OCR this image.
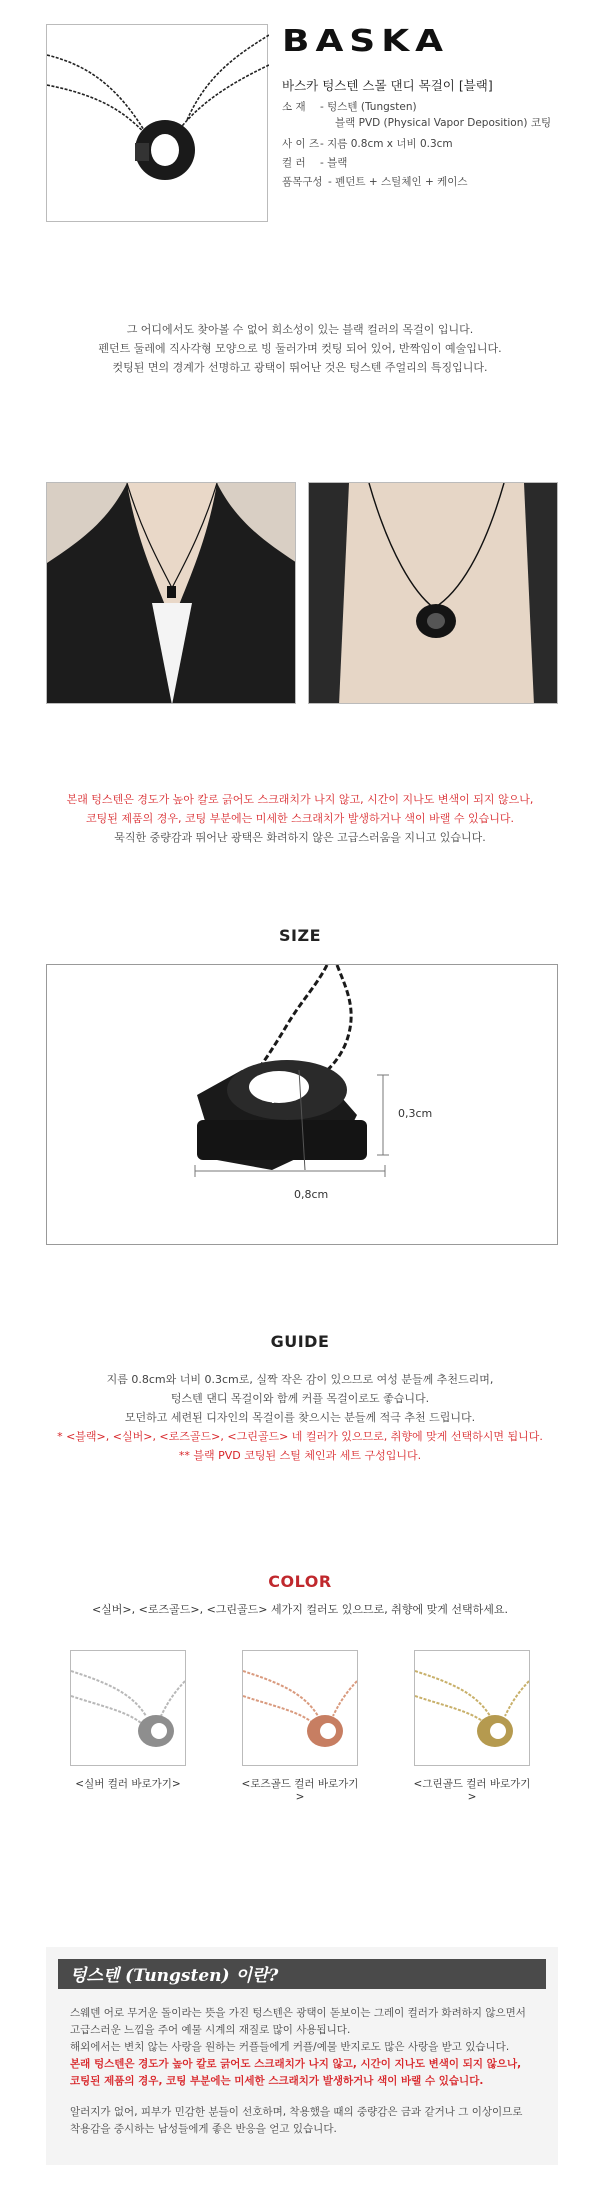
BASKA
바스카 텅스텐 스몰 댄디 목걸이 [블랙]
소 재 - 텅스텐 (Tungsten)
블랙 PVD (Physical Vapor Deposition) 코팅
사 이 즈- 지름 0.8cm x 너비 0.3cm
컬 러 - 블랙
품목구성 - 펜던트 + 스틸체인 + 케이스
그 어디에서도 찾아볼 수 없어 희소성이 있는 블랙 컬러의 목걸이 입니다.
펜던트 둘레에 직사각형 모양으로 빙 둘러가며 컷팅 되어 있어, 반짝임이 예술입니다.
컷팅된 면의 경계가 선명하고 광택이 뛰어난 것은 텅스텐 주얼리의 특징입니다.
본래 텅스텐은 경도가 높아 칼로 긁어도 스크래치가 나지 않고, 시간이 지나도 변색이 되지 않으나,
코팅된 제품의 경우, 코팅 부분에는 미세한 스크래치가 발생하거나 색이 바랠 수 있습니다.
묵직한 중량감과 뛰어난 광택은 화려하지 않은 고급스러움을 지니고 있습니다.
SIZE
0,3cm
0,8cm
GUIDE
지름 0.8cm와 너비 0.3cm로, 실짝 작은 감이 있으므로 여성 분들께 추천드리며,
텅스텐 댄디 목걸이와 함께 커플 목걸이로도 좋습니다.
모던하고 세련된 디자인의 목걸이를 찾으시는 분들께 적극 추천 드립니다.
* <블랙>, <실버>, <로즈골드>, <그린골드> 네 컬러가 있으므로, 취향에 맞게 선택하시면 됩니다.
** 블랙 PVD 코팅된 스틸 체인과 세트 구성입니다.
COLOR
<실버>, <로즈골드>, <그린골드> 세가지 컬러도 있으므로, 취향에 맞게 선택하세요.
<실버 컬러 바로가기>	<로즈골드 컬러 바로가기>
<그린골드 컬러 바로가기>
텅스텐 (Tungsten) 이란?
스웨덴 어로 무거운 돌이라는 뜻을 가진 텅스텐은 광택이 돋보이는 그레이 컬러가 화려하지 않으면서
고급스러운 느낌을 주어 예물 시계의 재질로 많이 사용됩니다.
해외에서는 변치 않는 사랑을 원하는 커플들에게 커플/예물 반지로도 많은 사랑을 받고 있습니다.
본래 텅스텐은 경도가 높아 칼로 긁어도 스크래치가 나지 않고, 시간이 지나도 변색이 되지 않으나,
코팅된 제품의 경우, 코팅 부분에는 미세한 스크래치가 발생하거나 색이 바랠 수 있습니다.
알러지가 없어, 피부가 민감한 분들이 선호하며, 착용했을 때의 중량감은 금과 같거나 그 이상이므로
착용감을 중시하는 남성들에게 좋은 반응을 얻고 있습니다.
